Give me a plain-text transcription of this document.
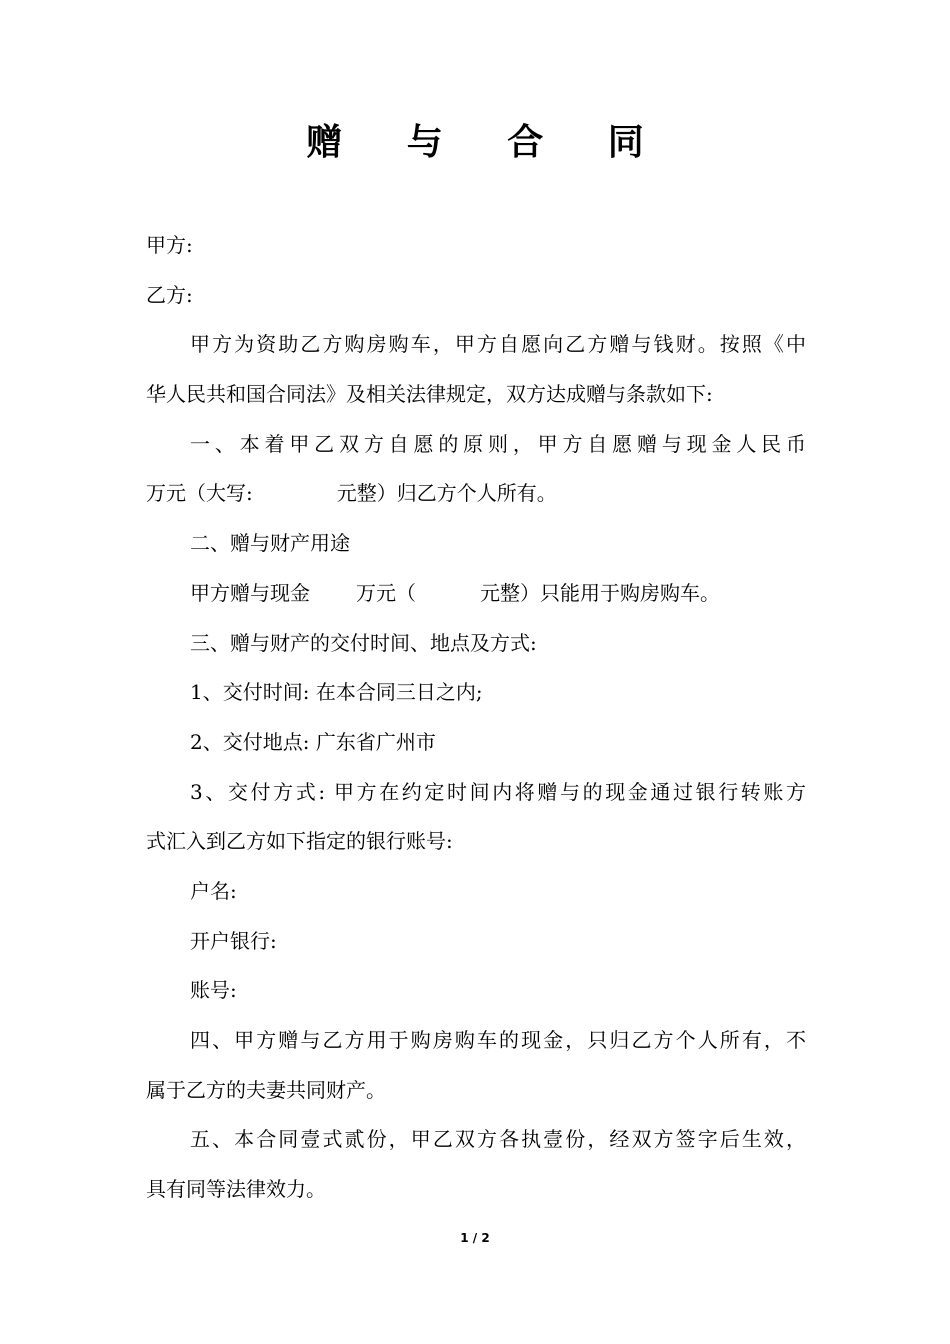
赠 与 合 同
甲方:
乙方:
甲方为资助乙方购房购车，甲方自愿向乙方赠与钱财。按照《中
华人民共和国合同法》及相关法律规定，双方达成赠与条款如下:
一、本着甲乙双方自愿的原则，甲方自愿赠与现金人民币
万元（大写:	元整）归乙方个人所有。
二、赠与财产用途
甲方赠与现金 万元（	元整）只能用于购房购车。
三、赠与财产的交付时间、地点及方式:
1、交付时间: 在本合同三日之内;
2、交付地点: 广东省广州市
3、交付方式: 甲方在约定时间内将赠与的现金通过银行转账方
式汇入到乙方如下指定的银行账号:
户名:
开户银行:
账号:
四、甲方赠与乙方用于购房购车的现金，只归乙方个人所有，不
属于乙方的夫妻共同财产。
五、本合同壹式贰份，甲乙双方各执壹份，经双方签字后生效，
具有同等法律效力。
1 / 2
